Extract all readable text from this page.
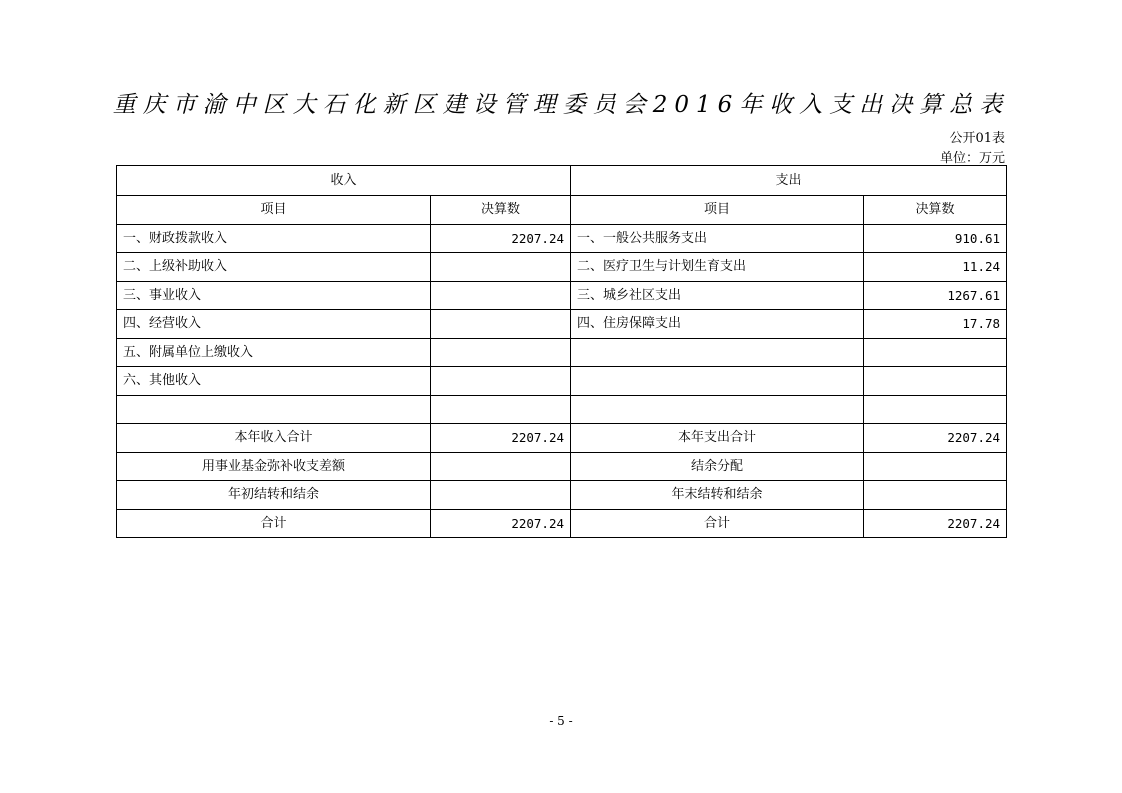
重庆市渝中区大石化新区建设管理委员会2016年收入支出决算总表
公开01表
单位：万元
收入		支出	
项目	决算数	项目	决算数
一、财政拨款收入	2207.24	一、一般公共服务支出	910.61
二、上级补助收入		二、医疗卫生与计划生育支出	11.24
三、事业收入		三、城乡社区支出	1267.61
四、经营收入		四、住房保障支出	17.78
五、附属单位上缴收入			
六、其他收入			

本年收入合计	2207.24	本年支出合计	2207.24
用事业基金弥补收支差额		结余分配	
年初结转和结余		年末结转和结余	
合计	2207.24	合计	2207.24
- 5 -
